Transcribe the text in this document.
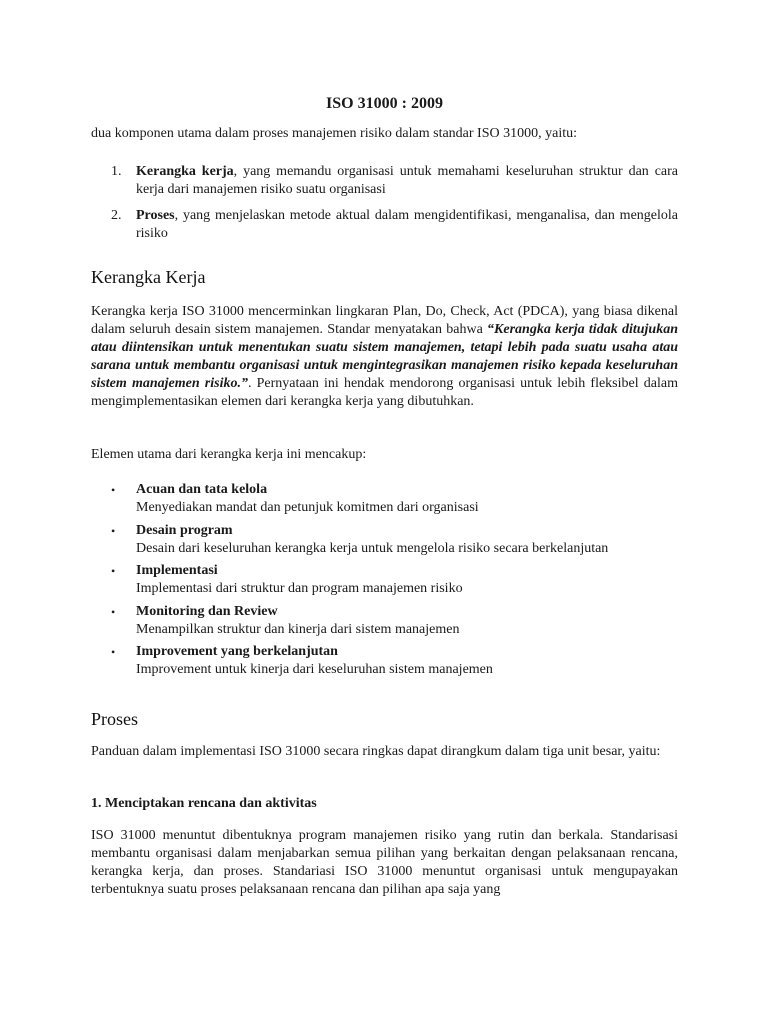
ISO 31000 : 2009

dua komponen utama dalam proses manajemen risiko dalam standar ISO 31000, yaitu:

1. Kerangka kerja, yang memandu organisasi untuk memahami keseluruhan struktur dan cara kerja dari manajemen risiko suatu organisasi
2. Proses, yang menjelaskan metode aktual dalam mengidentifikasi, menganalisa, dan mengelola risiko
Kerangka Kerja

Kerangka kerja ISO 31000 mencerminkan lingkaran Plan, Do, Check, Act (PDCA), yang biasa dikenal dalam seluruh desain sistem manajemen. Standar menyatakan bahwa “Kerangka kerja tidak ditujukan atau diintensikan untuk menentukan suatu sistem manajemen, tetapi lebih pada suatu usaha atau sarana untuk membantu organisasi untuk mengintegrasikan manajemen risiko kepada keseluruhan sistem manajemen risiko.”. Pernyataan ini hendak mendorong organisasi untuk lebih fleksibel dalam mengimplementasikan elemen dari kerangka kerja yang dibutuhkan.

Elemen utama dari kerangka kerja ini mencakup:

• Acuan dan tata kelola
Menyediakan mandat dan petunjuk komitmen dari organisasi
• Desain program
Desain dari keseluruhan kerangka kerja untuk mengelola risiko secara berkelanjutan
• Implementasi
Implementasi dari struktur dan program manajemen risiko
• Monitoring dan Review
Menampilkan struktur dan kinerja dari sistem manajemen
• Improvement yang berkelanjutan
Improvement untuk kinerja dari keseluruhan sistem manajemen
Proses

Panduan dalam implementasi ISO 31000 secara ringkas dapat dirangkum dalam tiga unit besar, yaitu:

1. Menciptakan rencana dan aktivitas

ISO 31000 menuntut dibentuknya program manajemen risiko yang rutin dan berkala. Standarisasi membantu organisasi dalam menjabarkan semua pilihan yang berkaitan dengan pelaksanaan rencana, kerangka kerja, dan proses. Standariasi ISO 31000 menuntut organisasi untuk mengupayakan terbentuknya suatu proses pelaksanaan rencana dan pilihan apa saja yang
